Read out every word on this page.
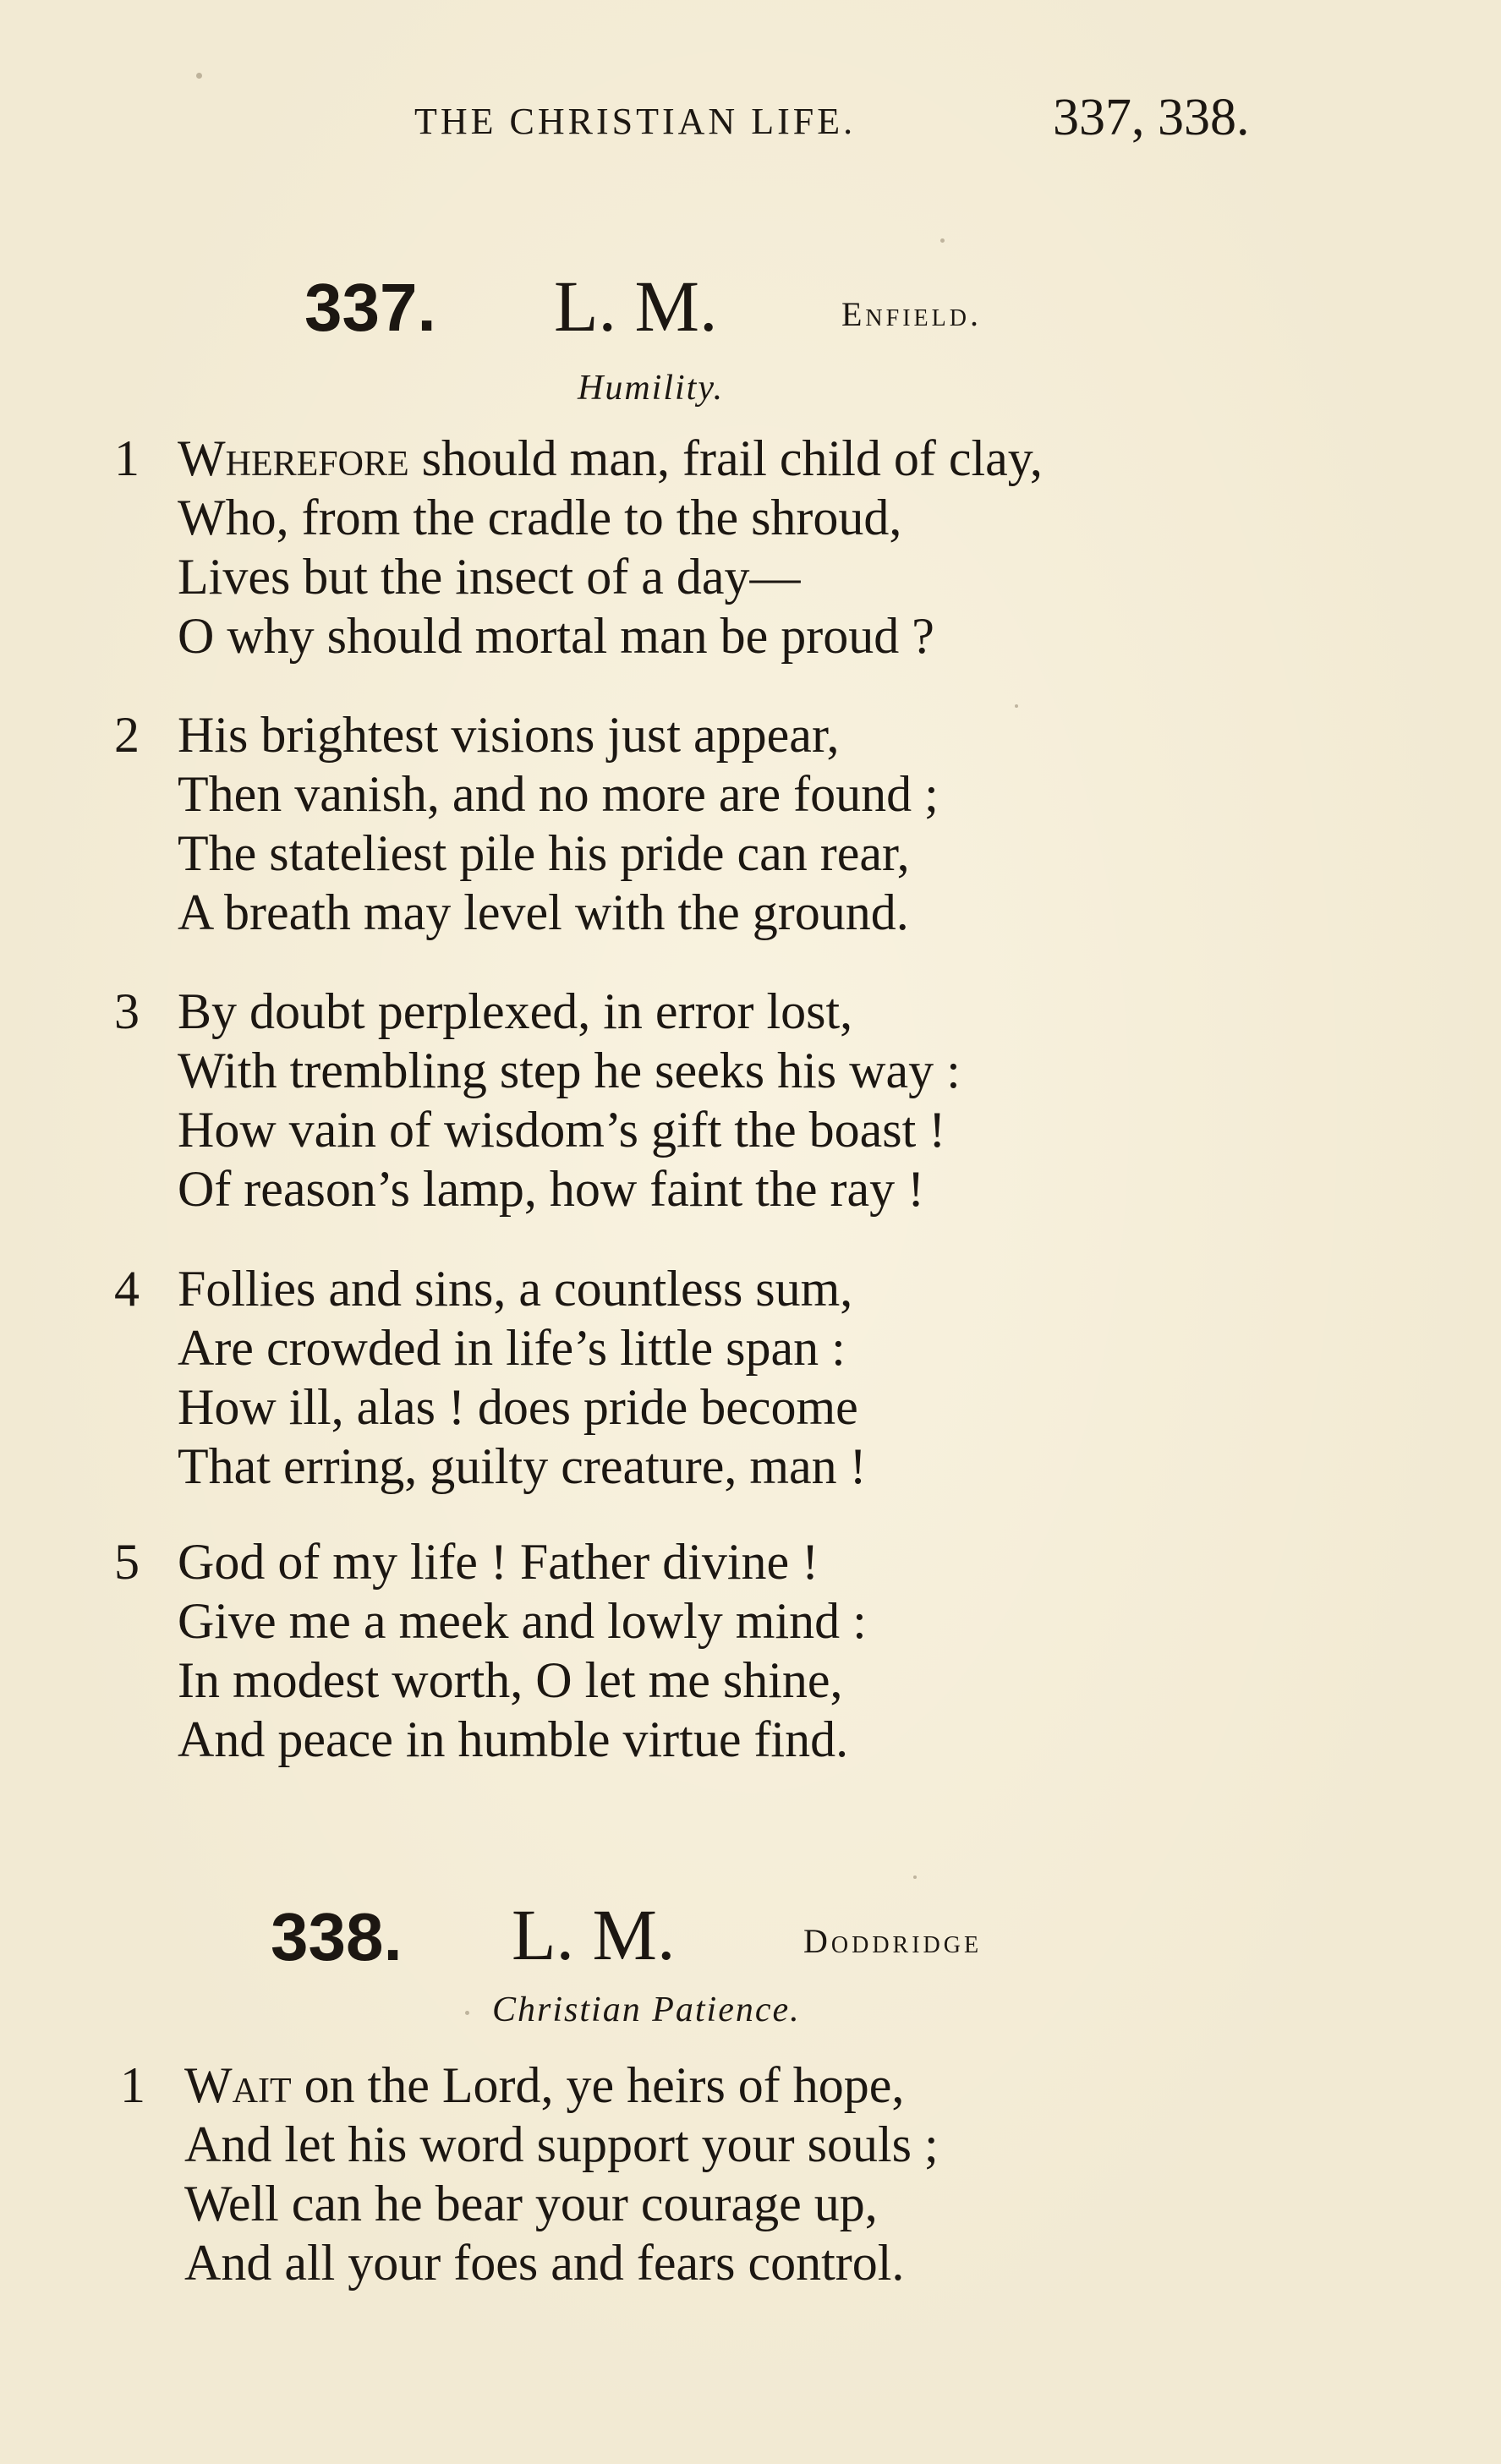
THE CHRISTIAN LIFE.	337, 338.
337. L. M.	Enfield.
Humility.
1 Wherefore should man, frail child of clay,
Who, from the cradle to the shroud,
Lives but the insect of a day—
O why should mortal man be proud ?
2 His brightest visions just appear,
Then vanish, and no more are found ;
The stateliest pile his pride can rear,
A breath may level with the ground.
3 By doubt perplexed, in error lost,
With trembling step he seeks his way :
How vain of wisdom’s gift the boast !
Of reason’s lamp, how faint the ray !
4 Follies and sins, a countless sum,
Are crowded in life’s little span :
How ill, alas ! does pride become
That erring, guilty creature, man !
5 God of my life ! Father divine !
Give me a meek and lowly mind :
In modest worth, O let me shine,
And peace in humble virtue find.
338. L. M.	Doddridge
Christian Patience.
1 Wait on the Lord, ye heirs of hope,
And let his word support your souls ;
Well can he bear your courage up,
And all your foes and fears control.
